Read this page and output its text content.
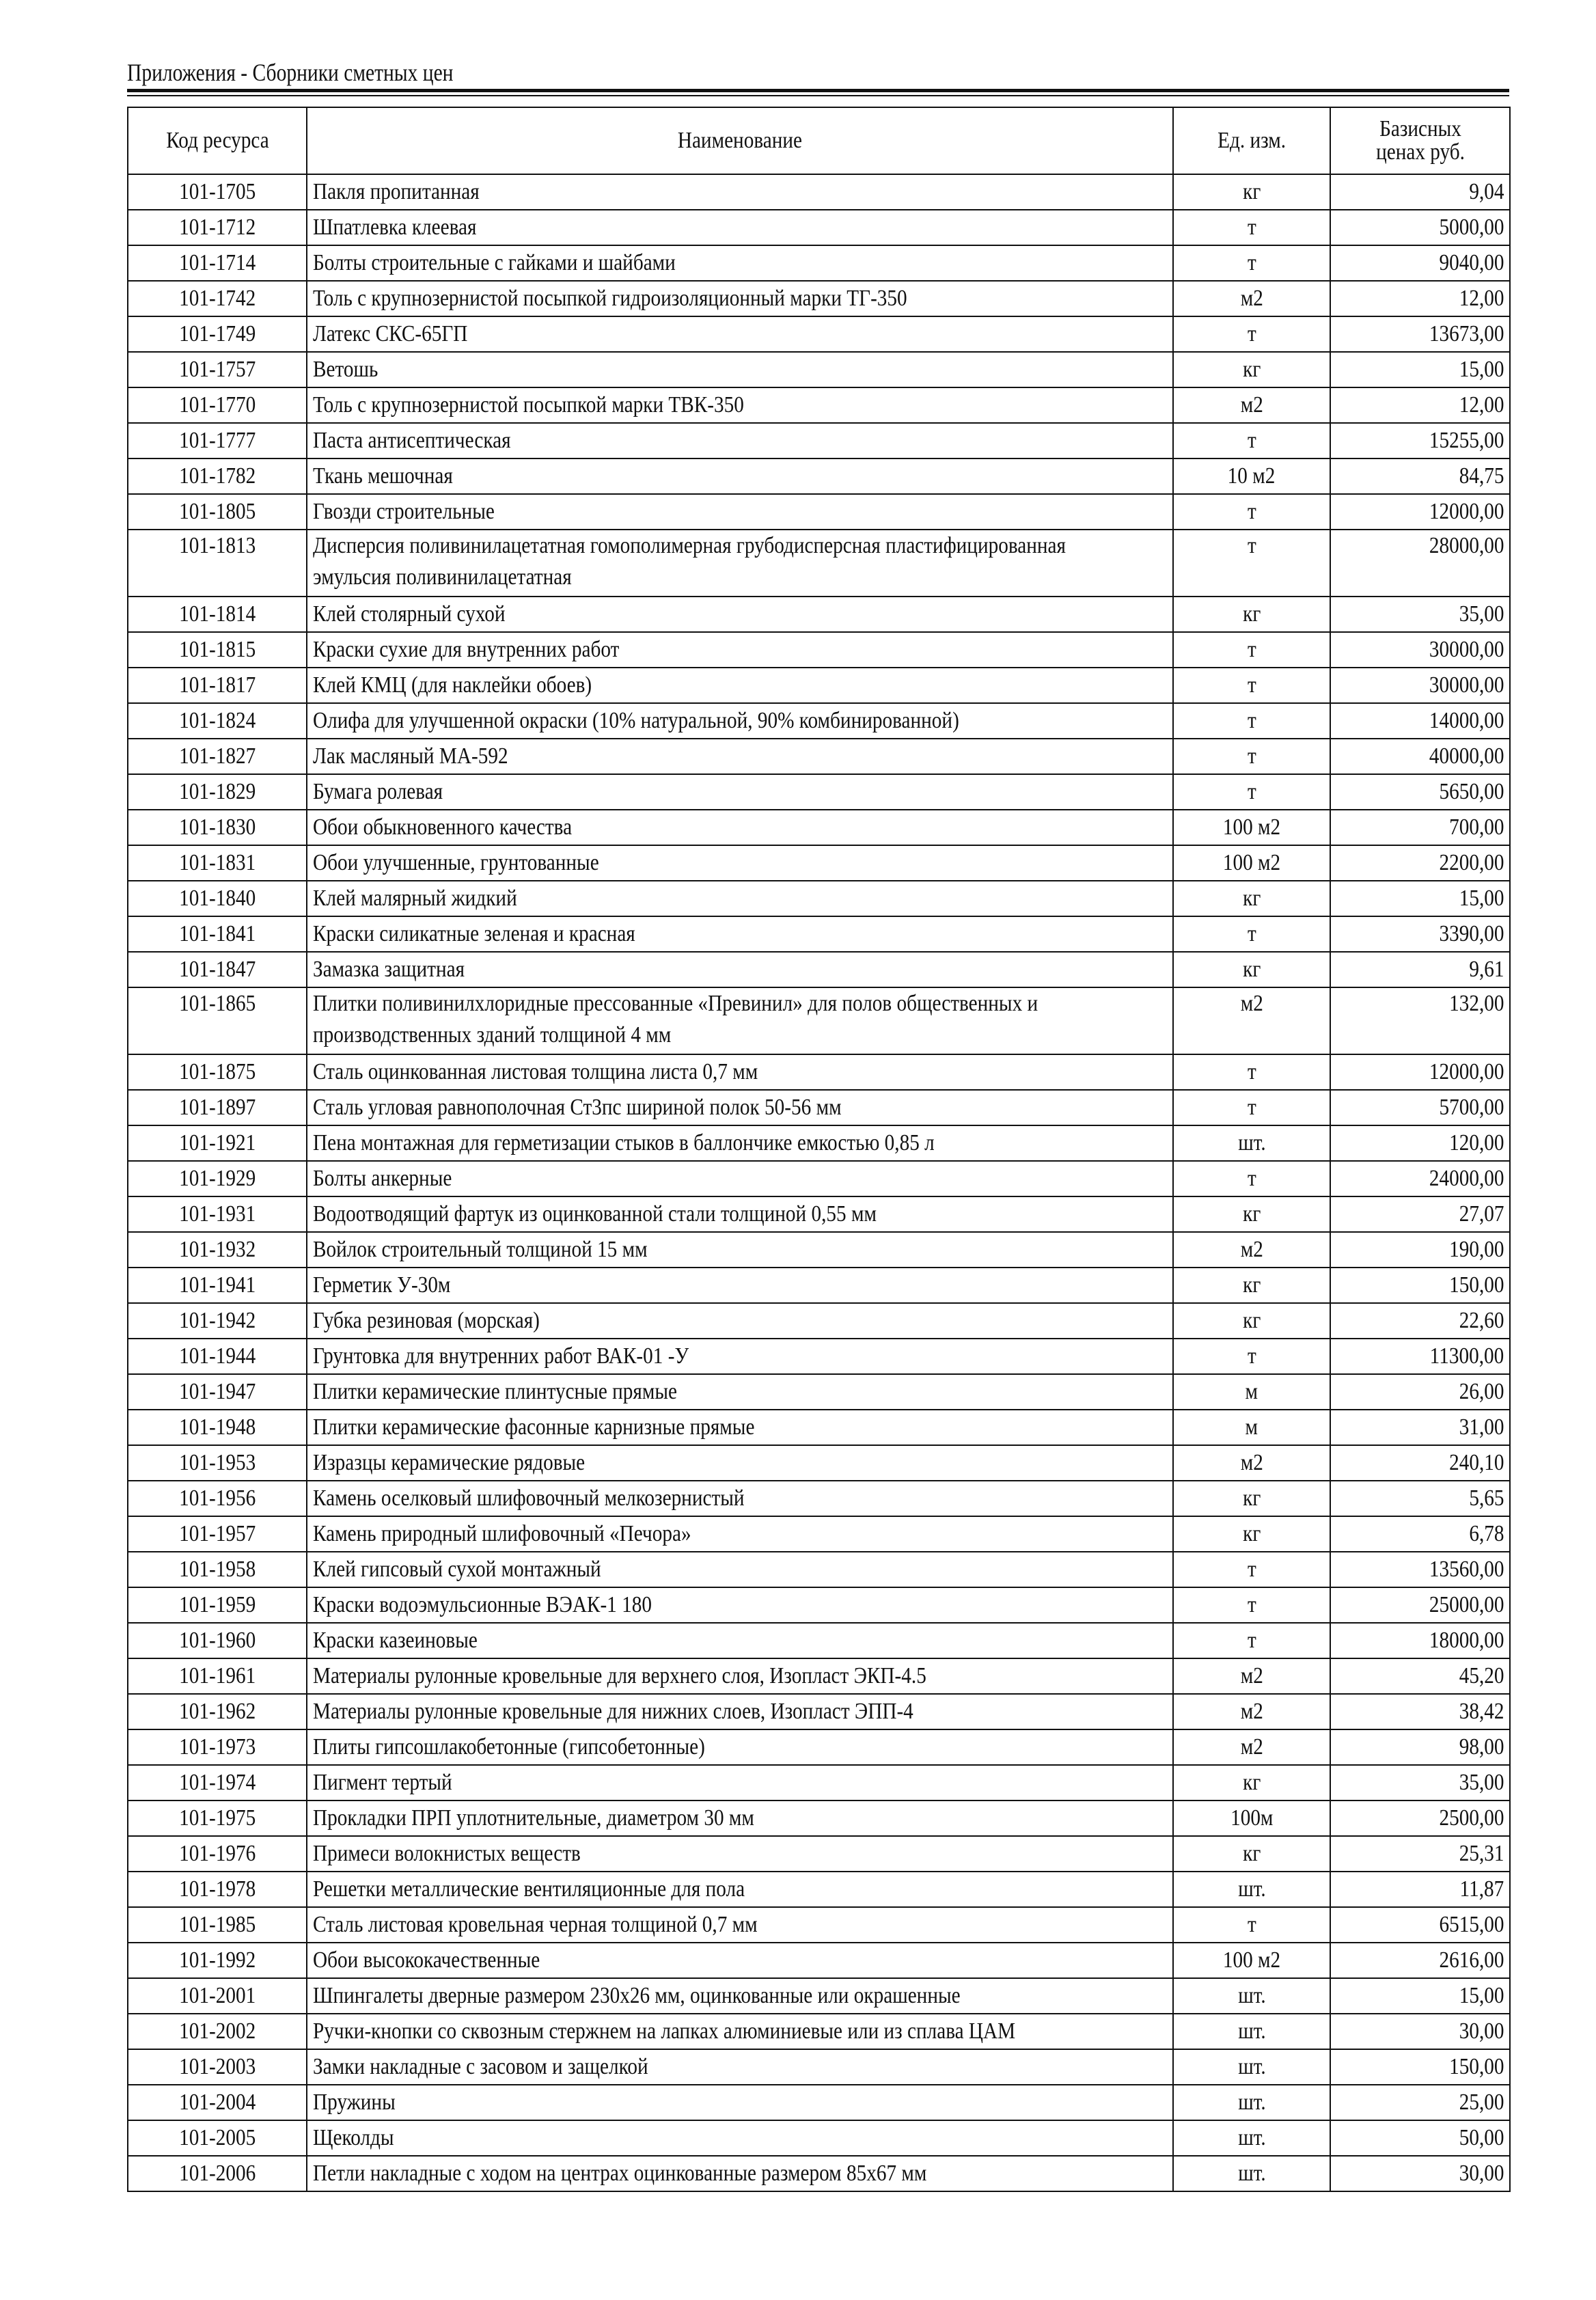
Приложения - Сборники сметных цен
Код ресурса	Наименование	Ед. изм.	Базисных ценах руб.
101-1705	Пакля пропитанная	кг	9,04
101-1712	Шпатлевка клеевая	т	5000,00
101-1714	Болты строительные с гайками и шайбами	т	9040,00
101-1742	Толь с крупнозернистой посыпкой гидроизоляционный марки ТГ-350	м2	12,00
101-1749	Латекс СКС-65ГП	т	13673,00
101-1757	Ветошь	кг	15,00
101-1770	Толь с крупнозернистой посыпкой марки ТВК-350	м2	12,00
101-1777	Паста антисептическая	т	15255,00
101-1782	Ткань мешочная	10 м2	84,75
101-1805	Гвозди строительные	т	12000,00
101-1813	Дисперсия поливинилацетатная гомополимерная грубодисперсная пластифицированная эмульсия поливинилацетатная	т	28000,00
101-1814	Клей столярный сухой	кг	35,00
101-1815	Краски сухие для внутренних работ	т	30000,00
101-1817	Клей КМЦ (для наклейки обоев)	т	30000,00
101-1824	Олифа для улучшенной окраски (10% натуральной, 90% комбинированной)	т	14000,00
101-1827	Лак масляный МА-592	т	40000,00
101-1829	Бумага ролевая	т	5650,00
101-1830	Обои обыкновенного качества	100 м2	700,00
101-1831	Обои улучшенные, грунтованные	100 м2	2200,00
101-1840	Клей малярный жидкий	кг	15,00
101-1841	Краски силикатные зеленая и красная	т	3390,00
101-1847	Замазка защитная	кг	9,61
101-1865	Плитки поливинилхлоридные прессованные «Превинил» для полов общественных и производственных зданий толщиной 4 мм	м2	132,00
101-1875	Сталь оцинкованная листовая толщина листа 0,7 мм	т	12000,00
101-1897	Сталь угловая равнополочная Ст3пс шириной полок 50-56 мм	т	5700,00
101-1921	Пена монтажная для герметизации стыков в баллончике емкостью 0,85 л	шт.	120,00
101-1929	Болты анкерные	т	24000,00
101-1931	Водоотводящий фартук из оцинкованной стали толщиной 0,55 мм	кг	27,07
101-1932	Войлок строительный толщиной 15 мм	м2	190,00
101-1941	Герметик У-30м	кг	150,00
101-1942	Губка резиновая (морская)	кг	22,60
101-1944	Грунтовка для внутренних работ ВАК-01 -У	т	11300,00
101-1947	Плитки керамические плинтусные прямые	м	26,00
101-1948	Плитки керамические фасонные карнизные прямые	м	31,00
101-1953	Изразцы керамические рядовые	м2	240,10
101-1956	Камень оселковый шлифовочный мелкозернистый	кг	5,65
101-1957	Камень природный шлифовочный «Печора»	кг	6,78
101-1958	Клей гипсовый сухой монтажный	т	13560,00
101-1959	Краски водоэмульсионные ВЭАК-1 180	т	25000,00
101-1960	Краски казеиновые	т	18000,00
101-1961	Материалы рулонные кровельные для верхнего слоя, Изопласт ЭКП-4.5	м2	45,20
101-1962	Материалы рулонные кровельные для нижних слоев, Изопласт ЭПП-4	м2	38,42
101-1973	Плиты гипсошлакобетонные (гипсобетонные)	м2	98,00
101-1974	Пигмент тертый	кг	35,00
101-1975	Прокладки ПРП уплотнительные, диаметром 30 мм	100м	2500,00
101-1976	Примеси волокнистых веществ	кг	25,31
101-1978	Решетки металлические вентиляционные для пола	шт.	11,87
101-1985	Сталь листовая кровельная черная толщиной 0,7 мм	т	6515,00
101-1992	Обои высококачественные	100 м2	2616,00
101-2001	Шпингалеты дверные размером 230х26 мм, оцинкованные или окрашенные	шт.	15,00
101-2002	Ручки-кнопки со сквозным стержнем на лапках алюминиевые или из сплава ЦАМ	шт.	30,00
101-2003	Замки накладные с засовом и защелкой	шт.	150,00
101-2004	Пружины	шт.	25,00
101-2005	Щеколды	шт.	50,00
101-2006	Петли накладные с ходом на центрах оцинкованные размером 85х67 мм	шт.	30,00
